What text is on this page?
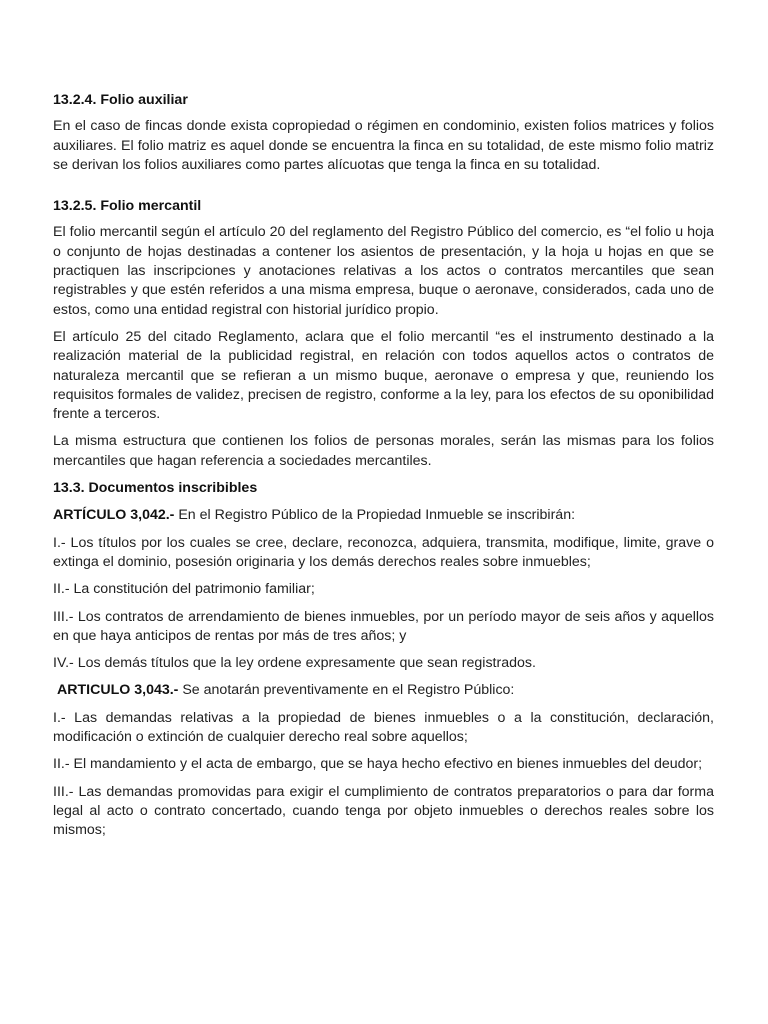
13.2.4. Folio auxiliar
En el caso de fincas donde exista copropiedad o régimen en condominio, existen folios matrices y folios auxiliares. El folio matriz es aquel donde se encuentra la finca en su totalidad, de este mismo folio matriz se derivan los folios auxiliares como partes alícuotas que tenga la finca en su totalidad.
13.2.5. Folio mercantil
El folio mercantil según el artículo 20 del reglamento del Registro Público del comercio, es “el folio u hoja o conjunto de hojas destinadas a contener los asientos de presentación, y la hoja u hojas en que se practiquen las inscripciones y anotaciones relativas a los actos o contratos mercantiles que sean registrables y que estén referidos a una misma empresa, buque o aeronave, considerados, cada uno de estos, como una entidad registral con historial jurídico propio.
El artículo 25 del citado Reglamento, aclara que el folio mercantil “es el instrumento destinado a la realización material de la publicidad registral, en relación con todos aquellos actos o contratos de naturaleza mercantil que se refieran a un mismo buque, aeronave o empresa y que, reuniendo los requisitos formales de validez, precisen de registro, conforme a la ley, para los efectos de su oponibilidad frente a terceros.
La misma estructura que contienen los folios de personas morales, serán las mismas para los folios mercantiles que hagan referencia a sociedades mercantiles.
13.3. Documentos inscribibles
ARTÍCULO 3,042.- En el Registro Público de la Propiedad Inmueble se inscribirán:
I.- Los títulos por los cuales se cree, declare, reconozca, adquiera, transmita, modifique, limite, grave o extinga el dominio, posesión originaria y los demás derechos reales sobre inmuebles;
II.- La constitución del patrimonio familiar;
III.- Los contratos de arrendamiento de bienes inmuebles, por un período mayor de seis años y aquellos en que haya anticipos de rentas por más de tres años; y
IV.- Los demás títulos que la ley ordene expresamente que sean registrados.
ARTICULO 3,043.- Se anotarán preventivamente en el Registro Público:
I.- Las demandas relativas a la propiedad de bienes inmuebles o a la constitución, declaración, modificación o extinción de cualquier derecho real sobre aquellos;
II.- El mandamiento y el acta de embargo, que se haya hecho efectivo en bienes inmuebles del deudor;
III.- Las demandas promovidas para exigir el cumplimiento de contratos preparatorios o para dar forma legal al acto o contrato concertado, cuando tenga por objeto inmuebles o derechos reales sobre los mismos;
